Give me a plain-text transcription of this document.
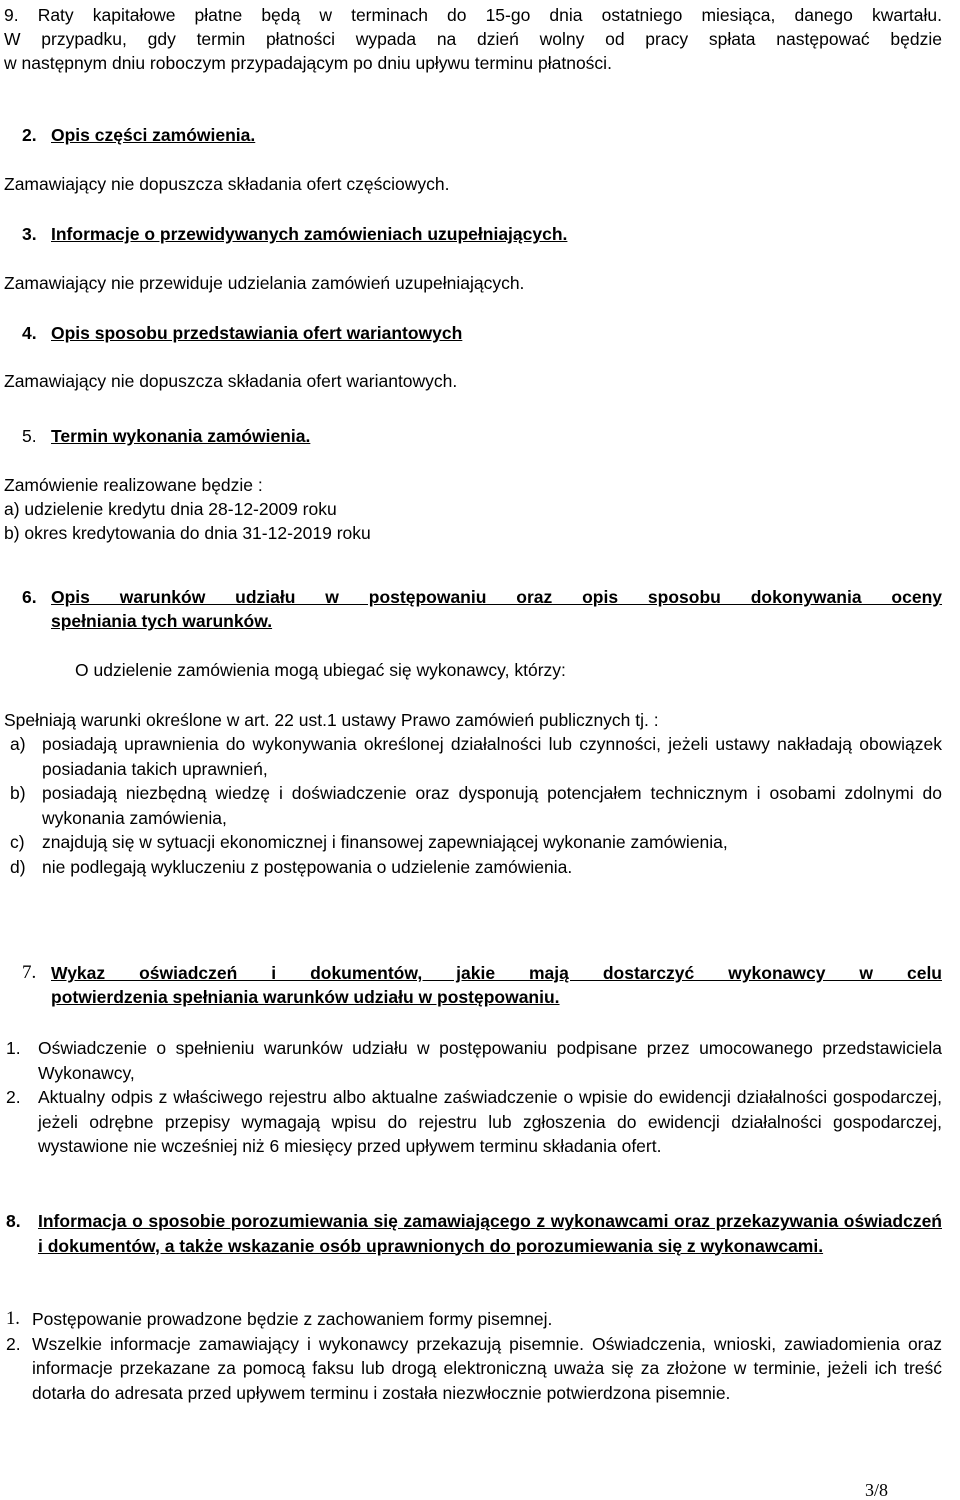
9. Raty kapitałowe płatne będą w terminach do 15-go dnia ostatniego miesiąca, danego kwartału.
W przypadku, gdy termin płatności wypada na dzień wolny od pracy spłata następować będzie
w następnym dniu roboczym przypadającym po dniu upływu terminu płatności.
2. Opis części zamówienia.
Zamawiający nie dopuszcza składania ofert częściowych.
3. Informacje o przewidywanych zamówieniach uzupełniających.
Zamawiający nie przewiduje udzielania zamówień uzupełniających.
4. Opis sposobu przedstawiania ofert wariantowych
Zamawiający nie dopuszcza składania ofert wariantowych.
5. Termin wykonania zamówienia.
Zamówienie realizowane będzie :
a) udzielenie kredytu dnia 28-12-2009 roku
b) okres kredytowania do dnia 31-12-2019 roku
6. Opis warunków udziału w postępowaniu oraz opis sposobu dokonywania oceny
spełniania tych warunków.
O udzielenie zamówienia mogą ubiegać się wykonawcy, którzy:
Spełniają warunki określone w art. 22 ust.1 ustawy Prawo zamówień publicznych tj. :
a) posiadają uprawnienia do wykonywania określonej działalności lub czynności, jeżeli ustawy nakładają obowiązek posiadania takich uprawnień,
b) posiadają niezbędną wiedzę i doświadczenie oraz dysponują potencjałem technicznym i osobami zdolnymi do wykonania zamówienia,
c) znajdują się w sytuacji ekonomicznej i finansowej zapewniającej wykonanie zamówienia,
d) nie podlegają wykluczeniu z postępowania o udzielenie zamówienia.
7. Wykaz oświadczeń i dokumentów, jakie mają dostarczyć wykonawcy w celu
potwierdzenia spełniania warunków udziału w postępowaniu.
1. Oświadczenie o spełnieniu warunków udziału w postępowaniu podpisane przez umocowanego przedstawiciela Wykonawcy,
2. Aktualny odpis z właściwego rejestru albo aktualne zaświadczenie o wpisie do ewidencji działalności gospodarczej, jeżeli odrębne przepisy wymagają wpisu do rejestru lub zgłoszenia do ewidencji działalności gospodarczej, wystawione nie wcześniej niż 6 miesięcy przed upływem terminu składania ofert.
8. Informacja o sposobie porozumiewania się zamawiającego z wykonawcami oraz przekazywania oświadczeń i dokumentów, a także wskazanie osób uprawnionych do porozumiewania się z wykonawcami.
1. Postępowanie prowadzone będzie z zachowaniem formy pisemnej.
2. Wszelkie informacje zamawiający i wykonawcy przekazują pisemnie. Oświadczenia, wnioski, zawiadomienia oraz informacje przekazane za pomocą faksu lub drogą elektroniczną uważa się za złożone w terminie, jeżeli ich treść dotarła do adresata przed upływem terminu i została niezwłocznie potwierdzona pisemnie.
3/8
